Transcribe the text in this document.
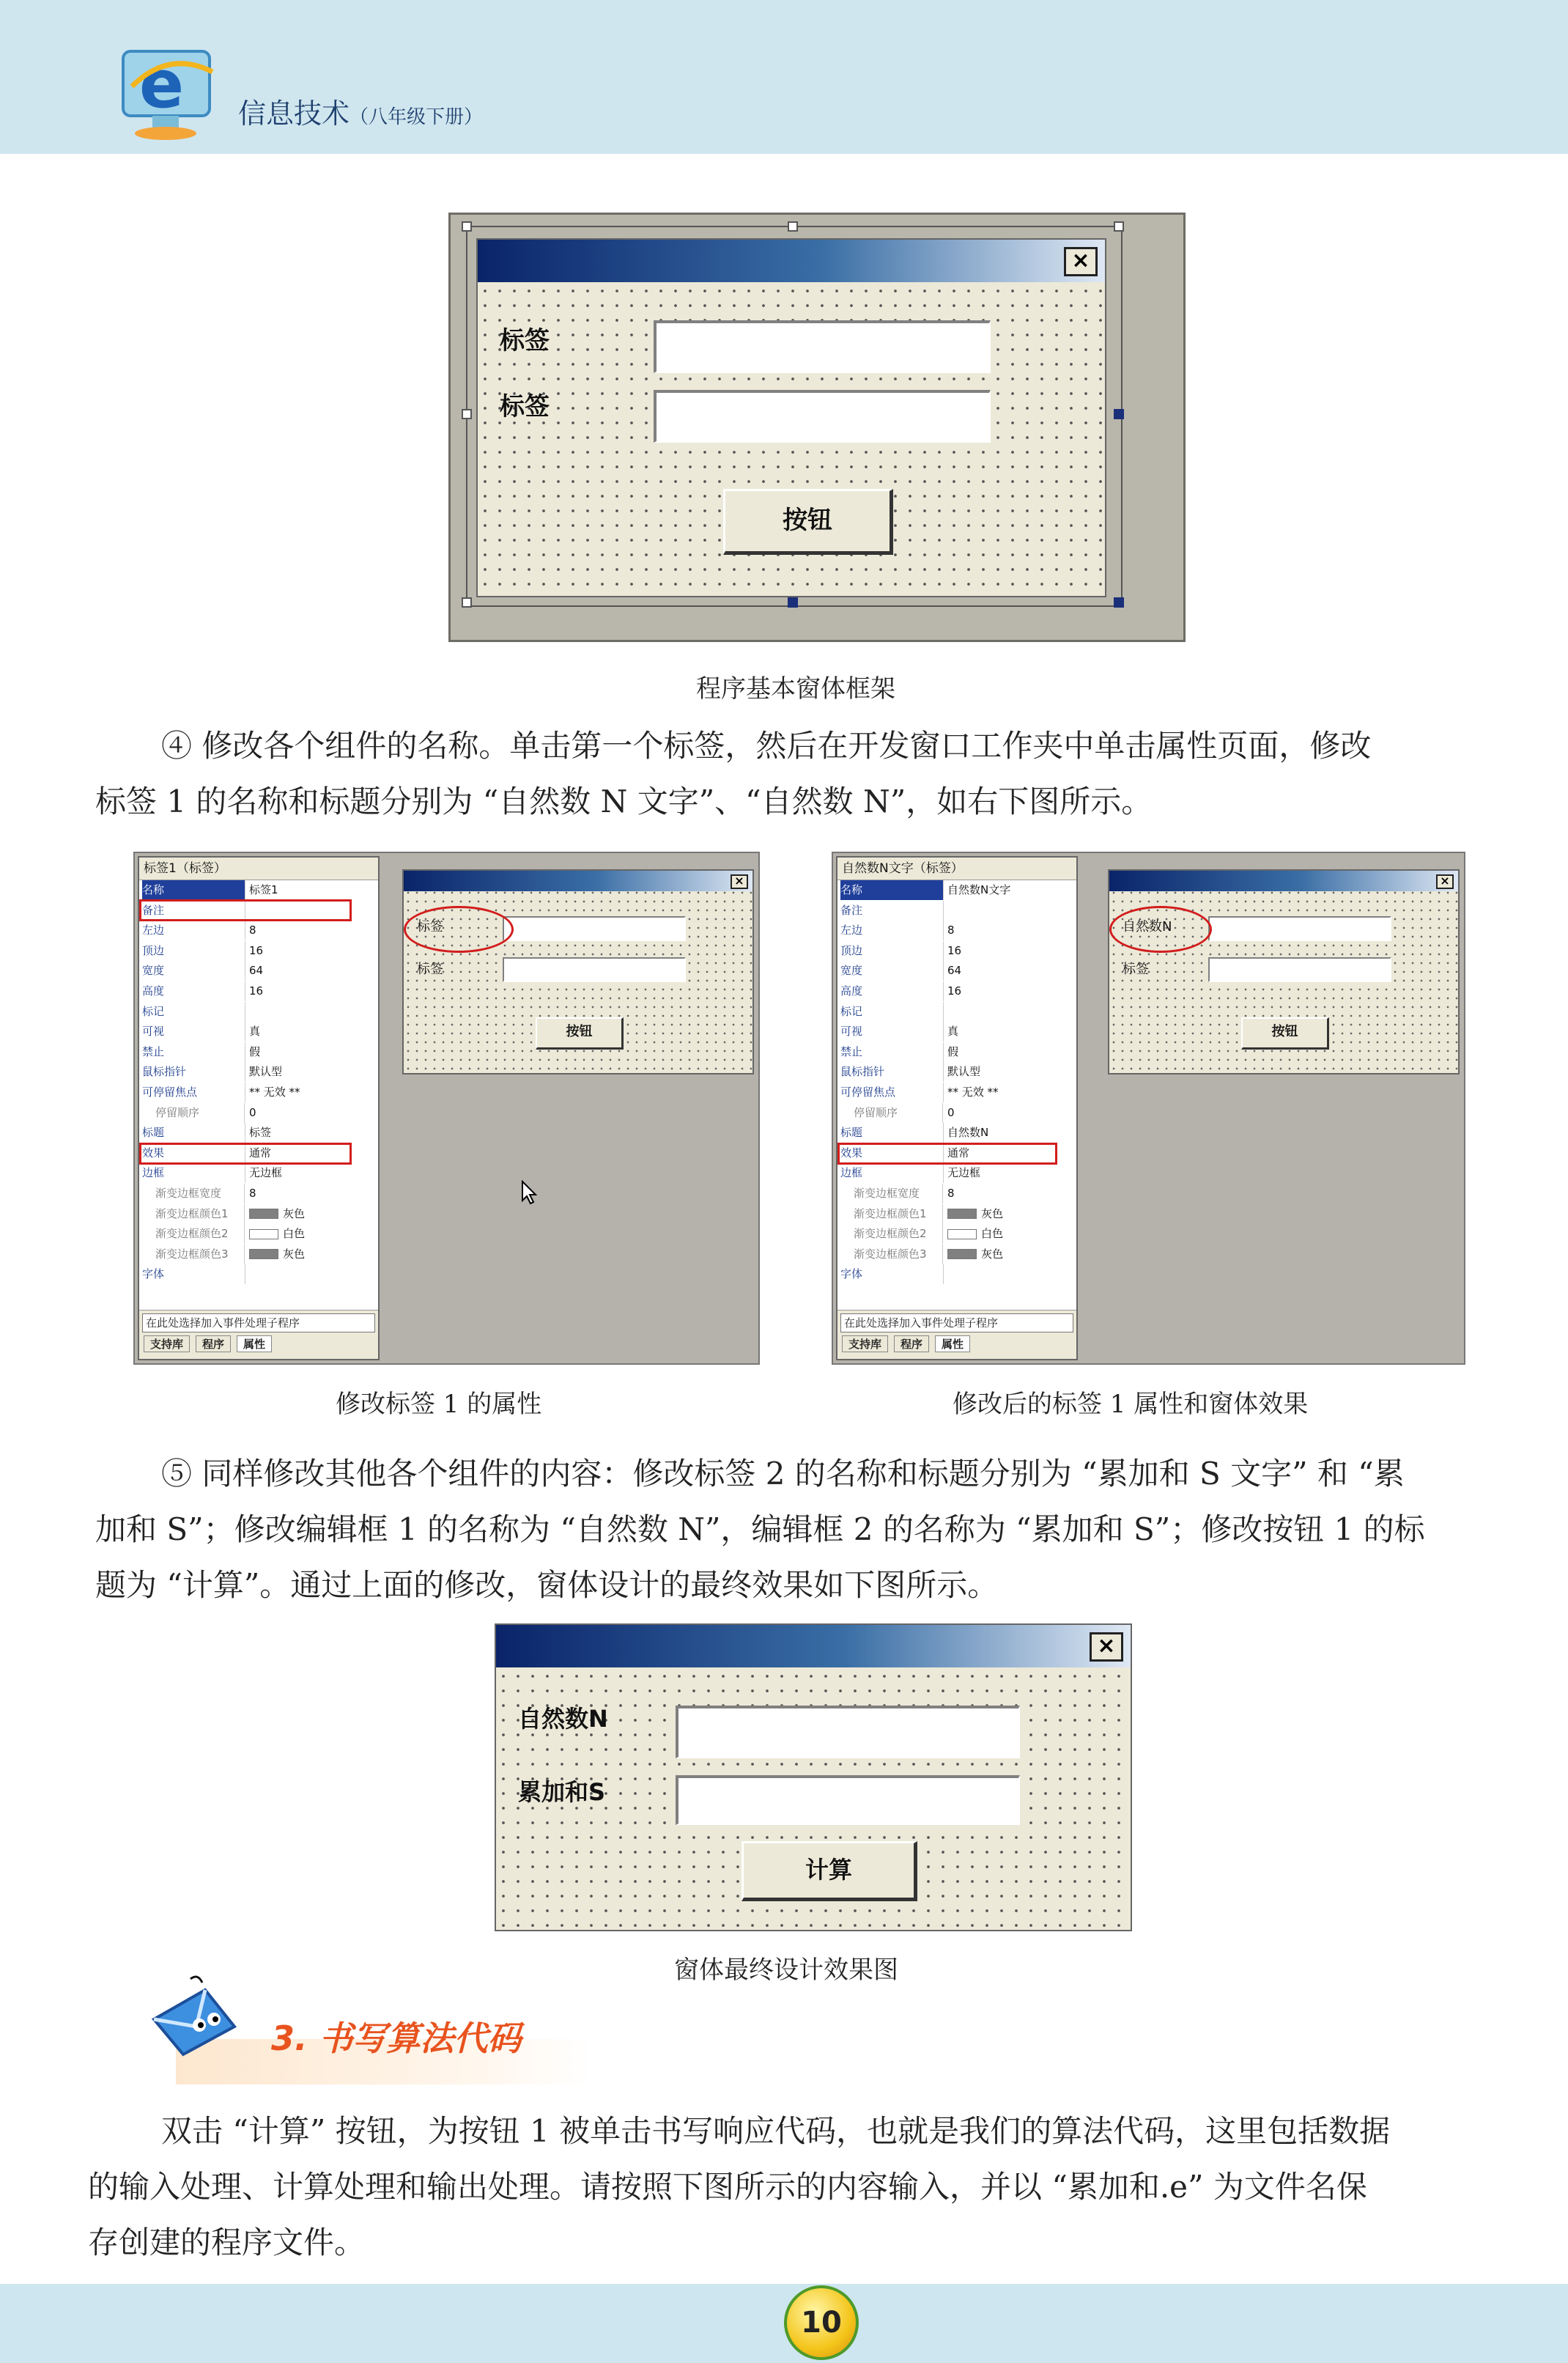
e 信息技术（八年级下册）
×
标签
标签
按钮
程序基本窗体框架

④ 修改各个组件的名称。单击第一个标签，然后在开发窗口工作夹中单击属性页面，修改

标签 1 的名称和标题分别为 “自然数 N 文字”、“自然数 N”，如右下图所示。

标签1（标签）
名称	标签1
备注
左边	8
顶边	16
宽度	64
高度	16
标记
可视	真
禁止	假
鼠标指针	默认型
可停留焦点	** 无效 **
停留顺序	0
标题	标签
效果	通常
边框	无边框
渐变边框宽度	8
渐变边框颜色1	灰色
渐变边框颜色2	白色
渐变边框颜色3	灰色
字体
在此处选择加入事件处理子程序
支持库	程序	属性
×
标签
标签
按钮
修改标签 1 的属性
自然数N文字（标签）
名称	自然数N文字
备注
左边	8
顶边	16
宽度	64
高度	16
标记
可视	真
禁止	假
鼠标指针	默认型
可停留焦点	** 无效 **
停留顺序	0
标题	自然数N
效果	通常
边框	无边框
渐变边框宽度	8
渐变边框颜色1	灰色
渐变边框颜色2	白色
渐变边框颜色3	灰色
字体
在此处选择加入事件处理子程序
支持库	程序	属性
×
自然数N
标签
按钮
修改后的标签 1 属性和窗体效果

⑤ 同样修改其他各个组件的内容：修改标签 2 的名称和标题分别为 “累加和 S 文字” 和 “累

加和 S”；修改编辑框 1 的名称为 “自然数 N”，编辑框 2 的名称为 “累加和 S”；修改按钮 1 的标

题为 “计算”。通过上面的修改，窗体设计的最终效果如下图所示。

×
自然数N
累加和S
计算
窗体最终设计效果图
3. 书写算法代码

双击 “计算” 按钮，为按钮 1 被单击书写响应代码，也就是我们的算法代码，这里包括数据

的输入处理、计算处理和输出处理。请按照下图所示的内容输入，并以 “累加和.e” 为文件名保

存创建的程序文件。

10
